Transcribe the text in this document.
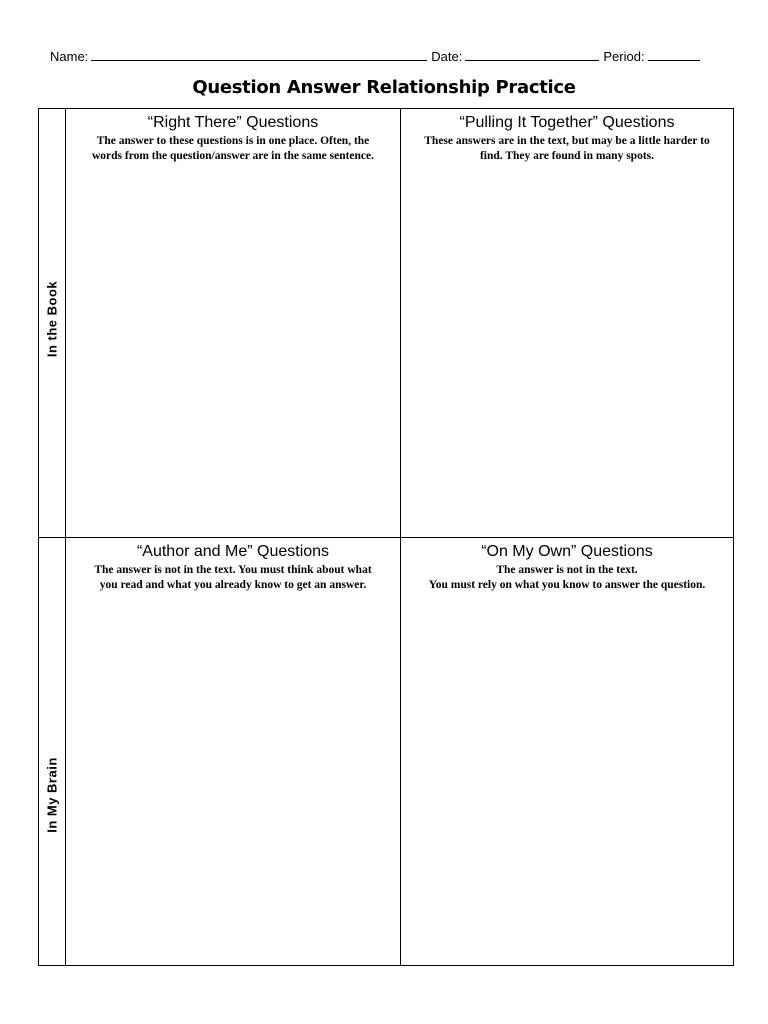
Name:	Date:	Period:
Question Answer Relationship Practice
In the Book
In My Brain
“Right There” Questions
The answer to these questions is in one place. Often, the
words from the question/answer are in the same sentence.
“Pulling It Together” Questions
These answers are in the text, but may be a little harder to
find. They are found in many spots.
“Author and Me” Questions
The answer is not in the text. You must think about what
you read and what you already know to get an answer.
“On My Own” Questions
The answer is not in the text.
You must rely on what you know to answer the question.
